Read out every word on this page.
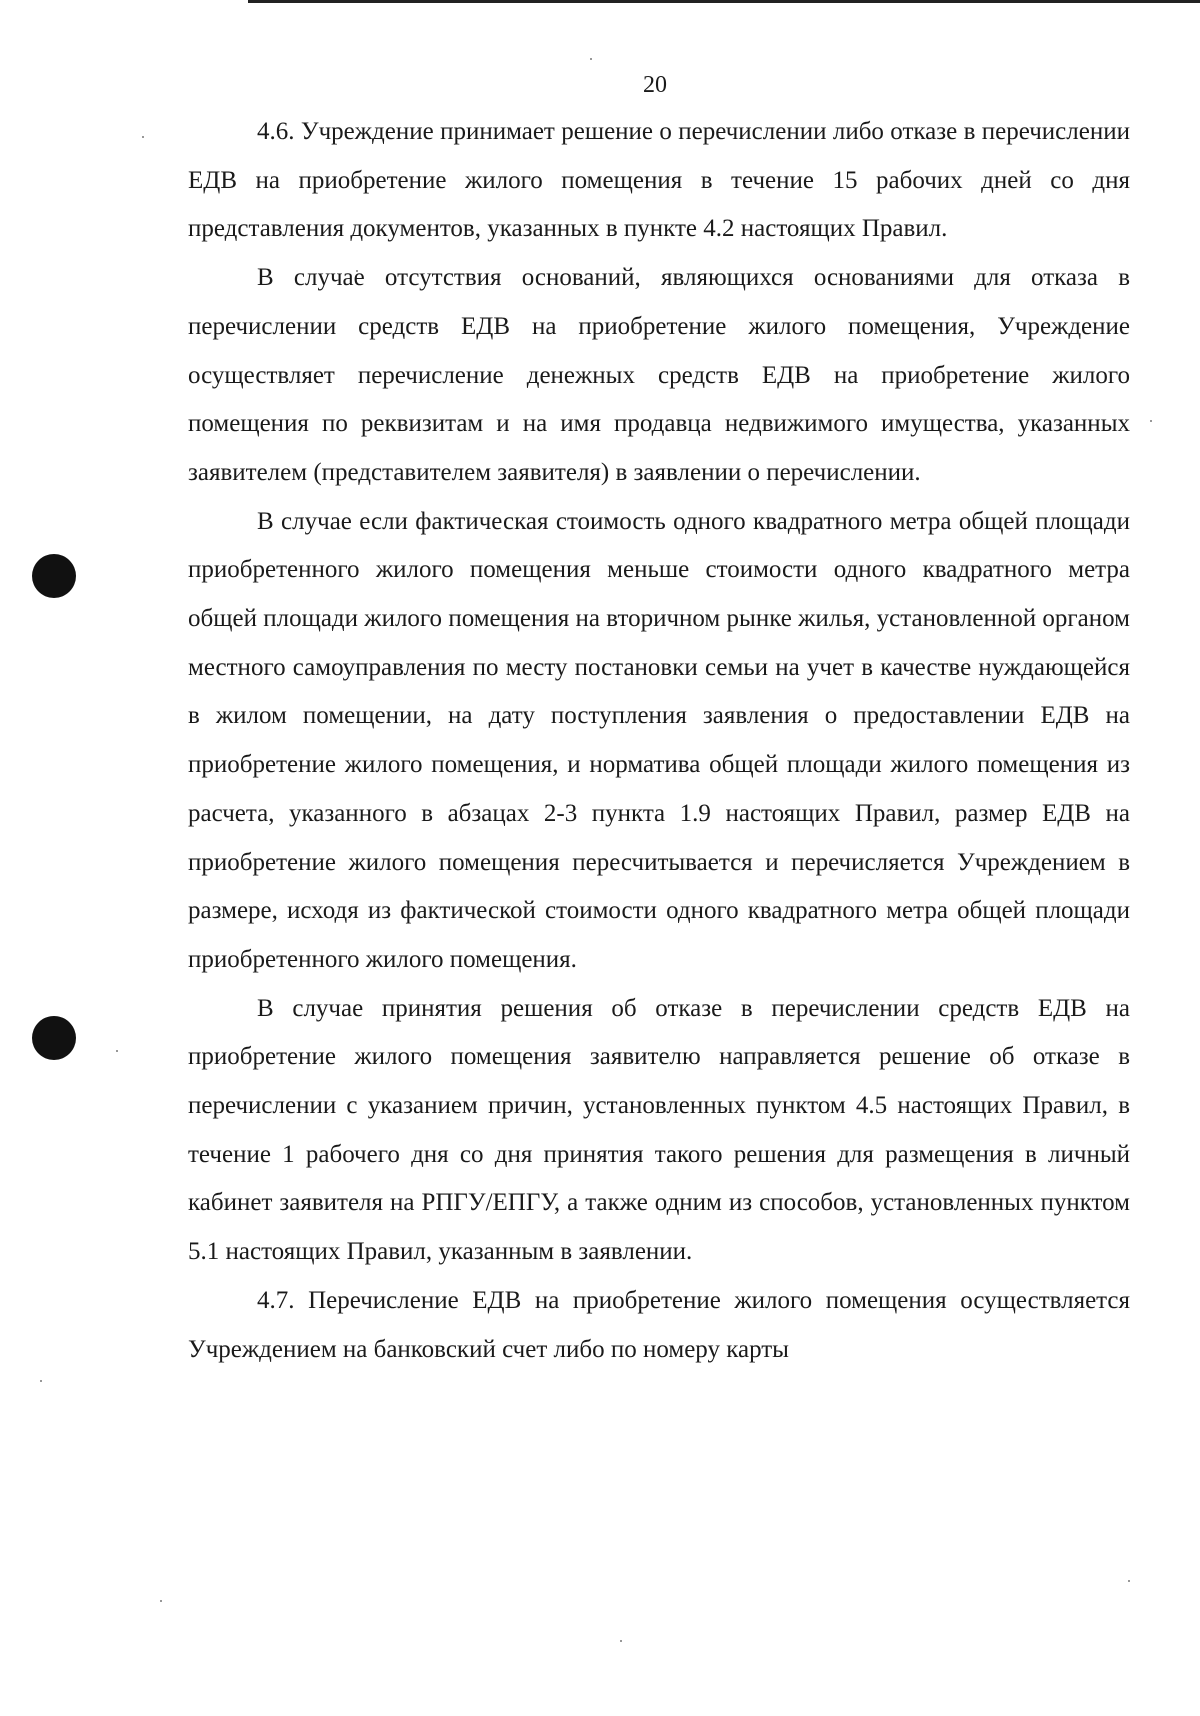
20

4.6. Учреждение принимает решение о перечислении либо отказе в перечислении ЕДВ на приобретение жилого помещения в течение 15 рабочих дней со дня представления документов, указанных в пункте 4.2 настоящих Правил.

В случае отсутствия оснований, являющихся основаниями для отказа в перечислении средств ЕДВ на приобретение жилого помещения, Учреждение осуществляет перечисление денежных средств ЕДВ на приобретение жилого помещения по реквизитам и на имя продавца недвижимого имущества, указанных заявителем (представителем заявителя) в заявлении о перечислении.

В случае если фактическая стоимость одного квадратного метра общей площади приобретенного жилого помещения меньше стоимости одного квадратного метра общей площади жилого помещения на вторичном рынке жилья, установленной органом местного самоуправления по месту постановки семьи на учет в качестве нуждающейся в жилом помещении, на дату поступления заявления о предоставлении ЕДВ на приобретение жилого помещения, и норматива общей площади жилого помещения из расчета, указанного в абзацах 2-3 пункта 1.9 настоящих Правил, размер ЕДВ на приобретение жилого помещения пересчитывается и перечисляется Учреждением в размере, исходя из фактической стоимости одного квадратного метра общей площади приобретенного жилого помещения.

В случае принятия решения об отказе в перечислении средств ЕДВ на приобретение жилого помещения заявителю направляется решение об отказе в перечислении с указанием причин, установленных пунктом 4.5 настоящих Правил, в течение 1 рабочего дня со дня принятия такого решения для размещения в личный кабинет заявителя на РПГУ/ЕПГУ, а также одним из способов, установленных пунктом 5.1 настоящих Правил, указанным в заявлении.

4.7. Перечисление ЕДВ на приобретение жилого помещения осуществляется Учреждением на банковский счет либо по номеру карты
